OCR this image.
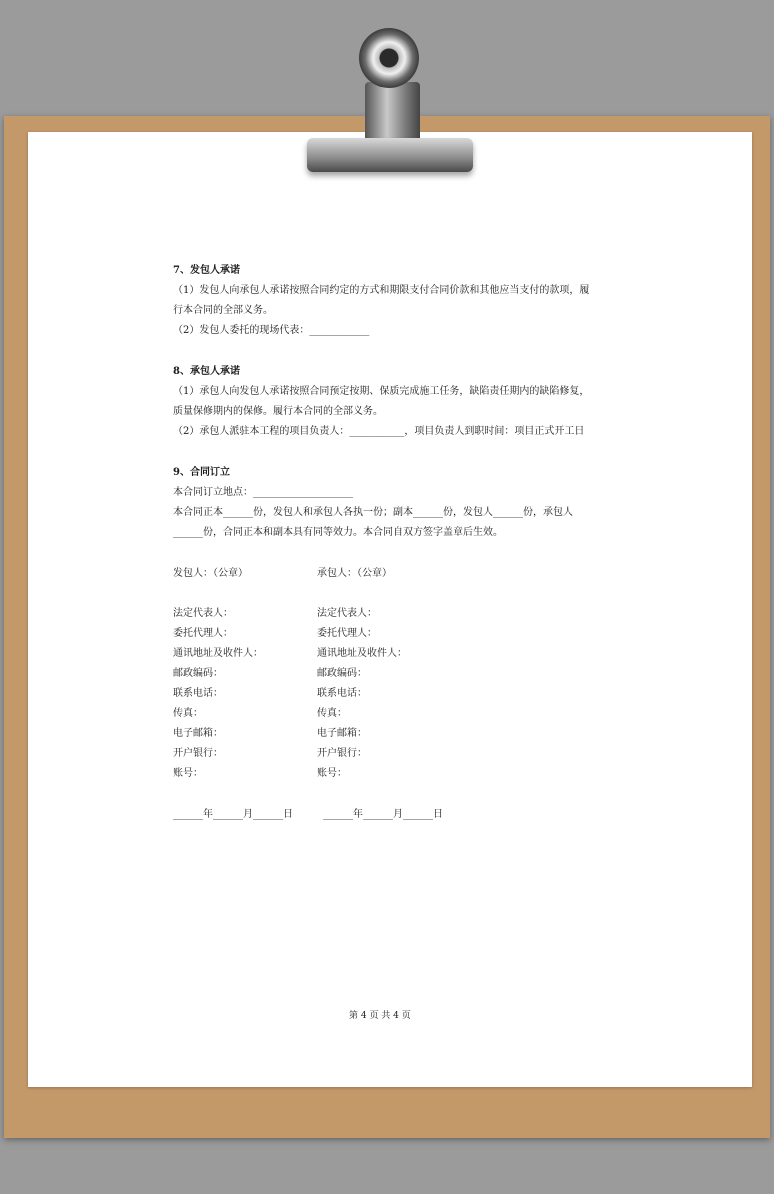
7、发包人承诺
（1）发包人向承包人承诺按照合同约定的方式和期限支付合同价款和其他应当支付的款项，履
行本合同的全部义务。
（2）发包人委托的现场代表：____________
8、承包人承诺
（1）承包人向发包人承诺按照合同预定按期、保质完成施工任务，缺陷责任期内的缺陷修复，
质量保修期内的保修。履行本合同的全部义务。
（2）承包人派驻本工程的项目负责人：___________，项目负责人到职时间：项目正式开工日
9、合同订立
本合同订立地点：____________________
本合同正本______份，发包人和承包人各执一份；副本______份，发包人______份，承包人
______份，合同正本和副本具有同等效力。本合同自双方签字盖章后生效。
发包人：（公章）	承包人：（公章）
法定代表人：
委托代理人：
通讯地址及收件人：
邮政编码：
联系电话：
传真：
电子邮箱：
开户银行：
账号：
法定代表人：
委托代理人：
通讯地址及收件人：
邮政编码：
联系电话：
传真：
电子邮箱：
开户银行：
账号：
______年______月______日	______年______月______日
第 4 页 共 4 页
